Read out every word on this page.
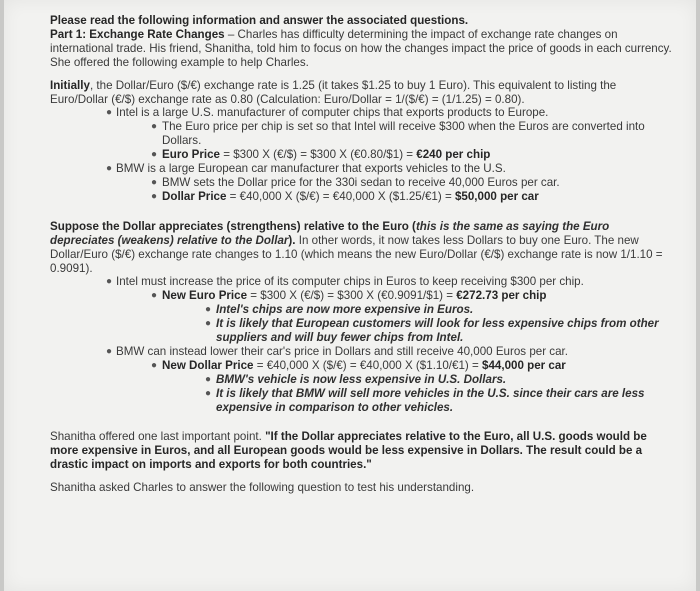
Please read the following information and answer the associated questions.

Part 1: Exchange Rate Changes – Charles has difficulty determining the impact of exchange rate changes on international trade. His friend, Shanitha, told him to focus on how the changes impact the price of goods in each currency. She offered the following example to help Charles.

Initially, the Dollar/Euro ($/€) exchange rate is 1.25 (it takes $1.25 to buy 1 Euro). This equivalent to listing the Euro/Dollar (€/$) exchange rate as 0.80 (Calculation: Euro/Dollar = 1/($/€) = (1/1.25) = 0.80).

● Intel is a large U.S. manufacturer of computer chips that exports products to Europe.
● The Euro price per chip is set so that Intel will receive $300 when the Euros are converted into Dollars.
● Euro Price = $300 X (€/$) = $300 X (€0.80/$1) = €240 per chip
● BMW is a large European car manufacturer that exports vehicles to the U.S.
● BMW sets the Dollar price for the 330i sedan to receive 40,000 Euros per car.
● Dollar Price = €40,000 X ($/€) = €40,000 X ($1.25/€1) = $50,000 per car

Suppose the Dollar appreciates (strengthens) relative to the Euro (this is the same as saying the Euro depreciates (weakens) relative to the Dollar). In other words, it now takes less Dollars to buy one Euro. The new Dollar/Euro ($/€) exchange rate changes to 1.10 (which means the new Euro/Dollar (€/$) exchange rate is now 1/1.10 = 0.9091).

● Intel must increase the price of its computer chips in Euros to keep receiving $300 per chip.
● New Euro Price = $300 X (€/$) = $300 X (€0.9091/$1) = €272.73 per chip
● Intel's chips are now more expensive in Euros.
● It is likely that European customers will look for less expensive chips from other suppliers and will buy fewer chips from Intel.
● BMW can instead lower their car's price in Dollars and still receive 40,000 Euros per car.
● New Dollar Price = €40,000 X ($/€) = €40,000 X ($1.10/€1) = $44,000 per car
● BMW's vehicle is now less expensive in U.S. Dollars.
● It is likely that BMW will sell more vehicles in the U.S. since their cars are less expensive in comparison to other vehicles.

Shanitha offered one last important point. "If the Dollar appreciates relative to the Euro, all U.S. goods would be more expensive in Euros, and all European goods would be less expensive in Dollars. The result could be a drastic impact on imports and exports for both countries."

Shanitha asked Charles to answer the following question to test his understanding.
